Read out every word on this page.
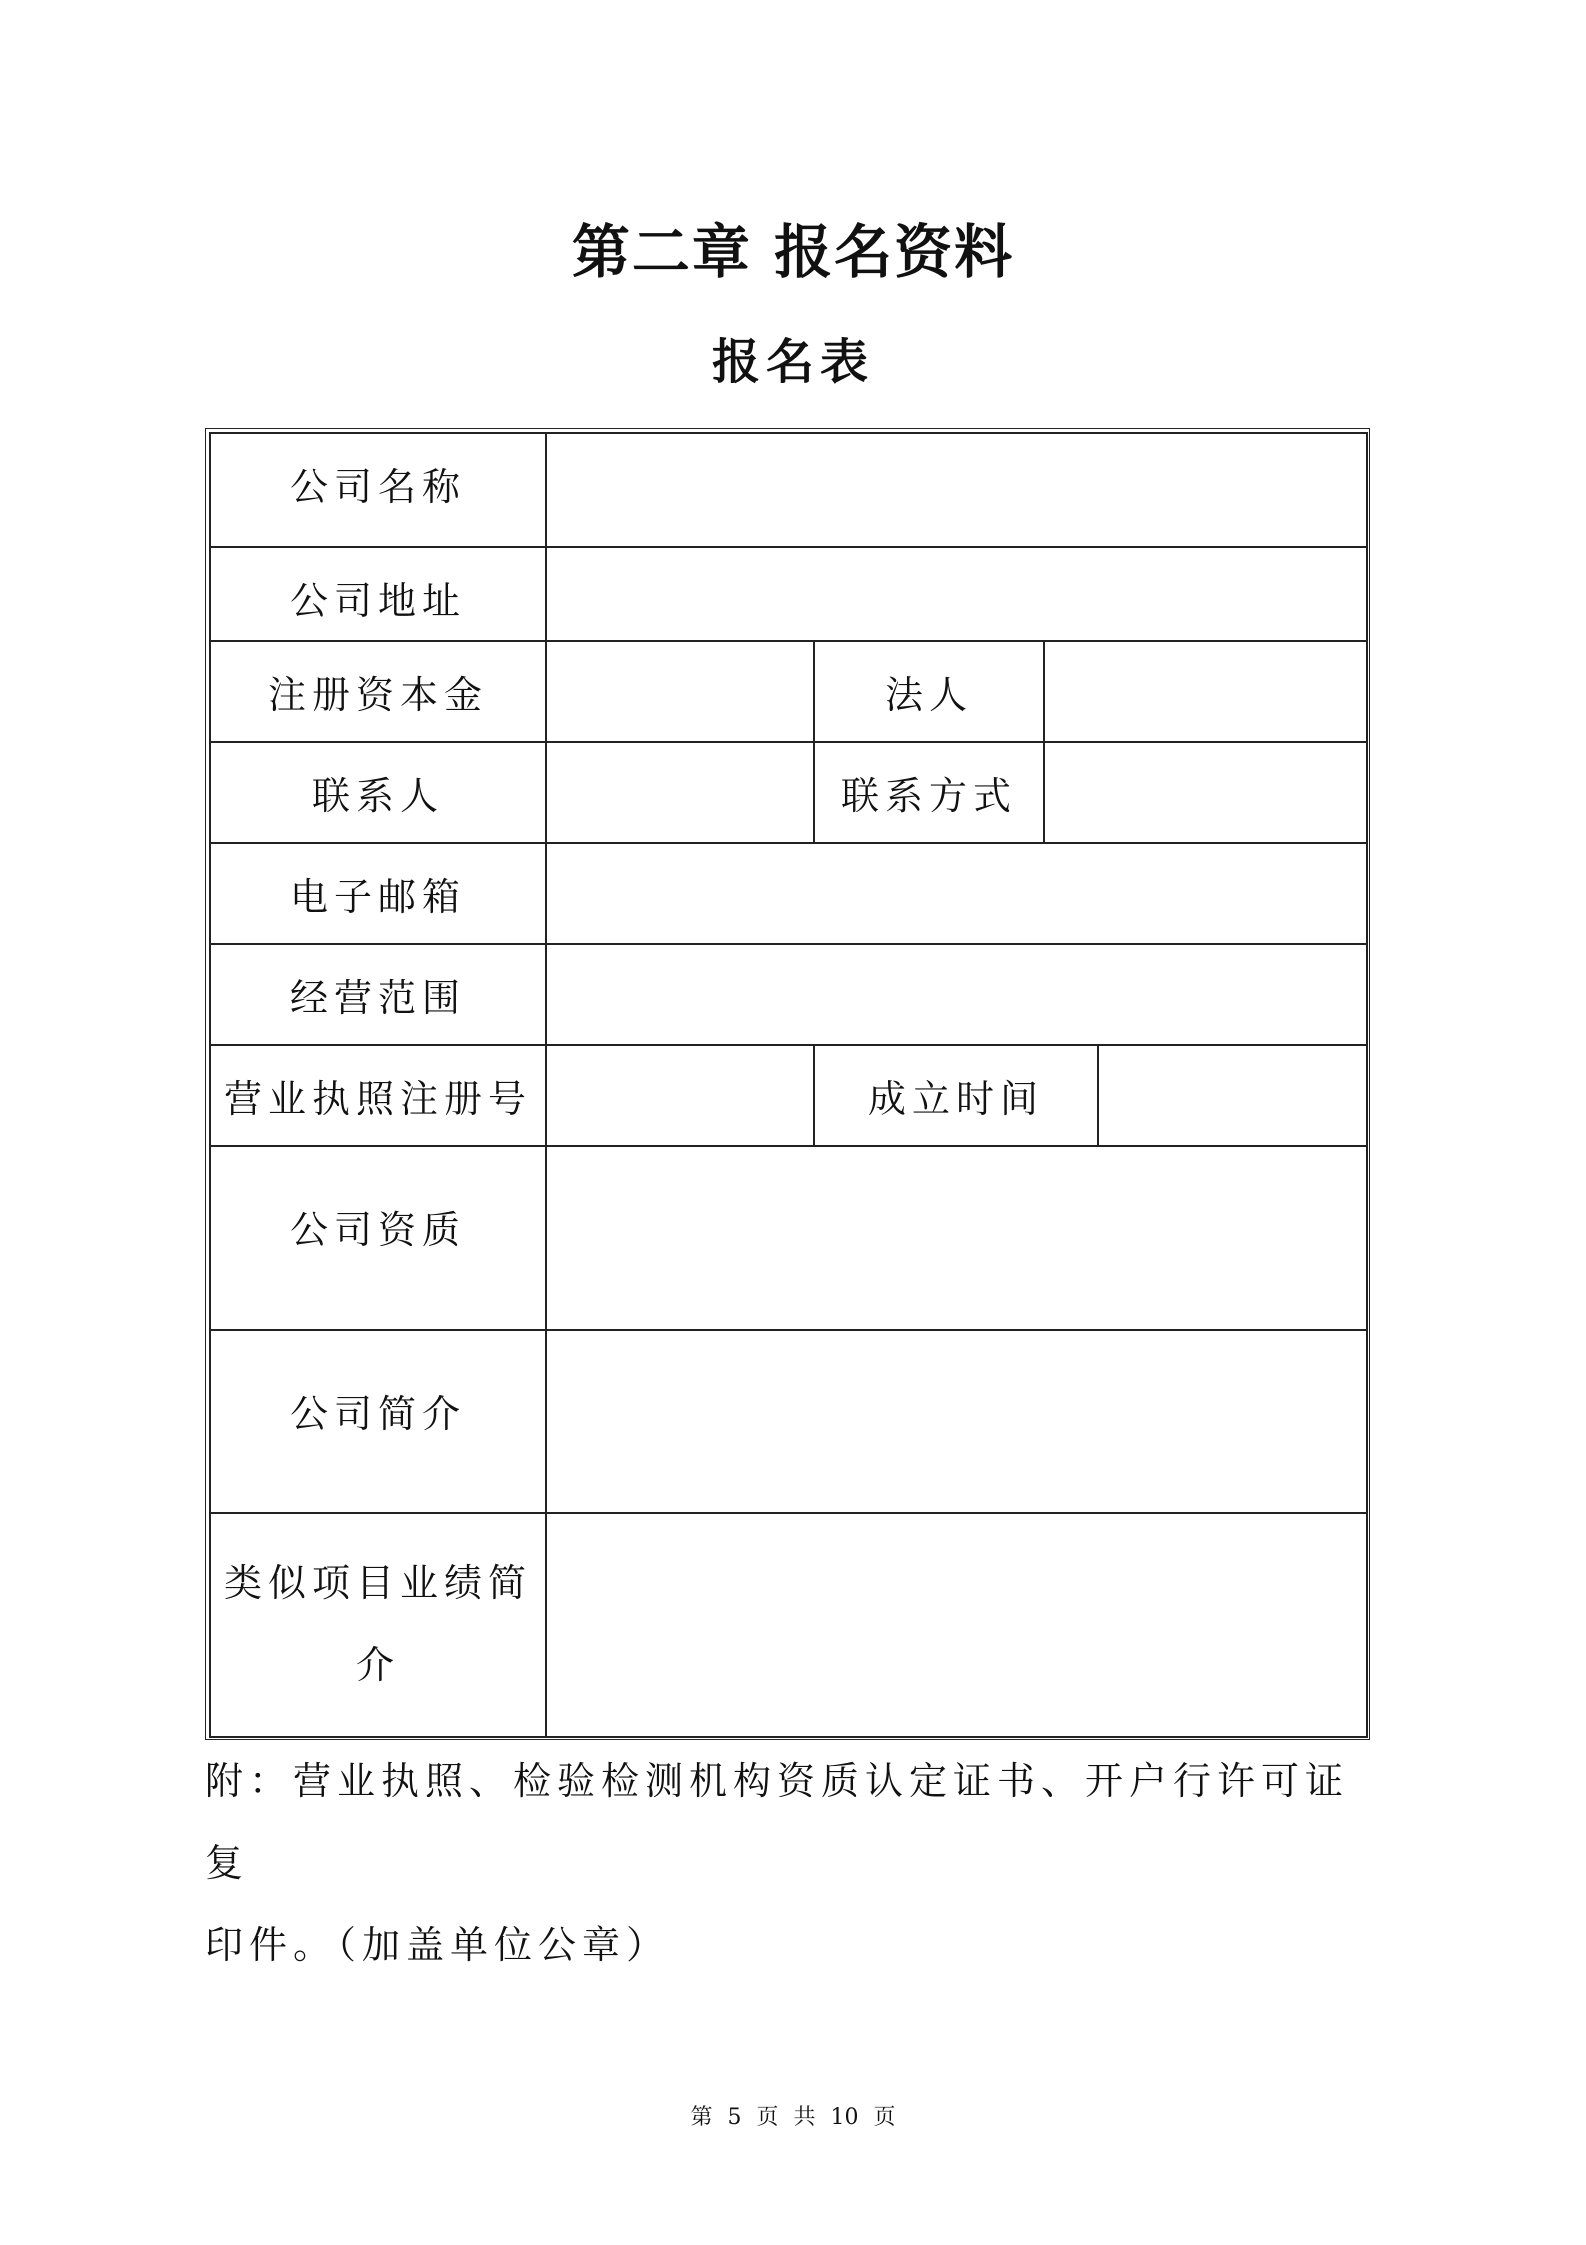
第二章 报名资料
报名表
公司名称				
公司地址				
注册资本金		法人		
联系人		联系方式		
电子邮箱				
经营范围				
营业执照注册号		成立时间		
公司资质				
公司简介				
类似项目业绩简
介				
附：营业执照、检验检测机构资质认定证书、开户行许可证复
印件。（加盖单位公章）
第 5 页 共 10 页
